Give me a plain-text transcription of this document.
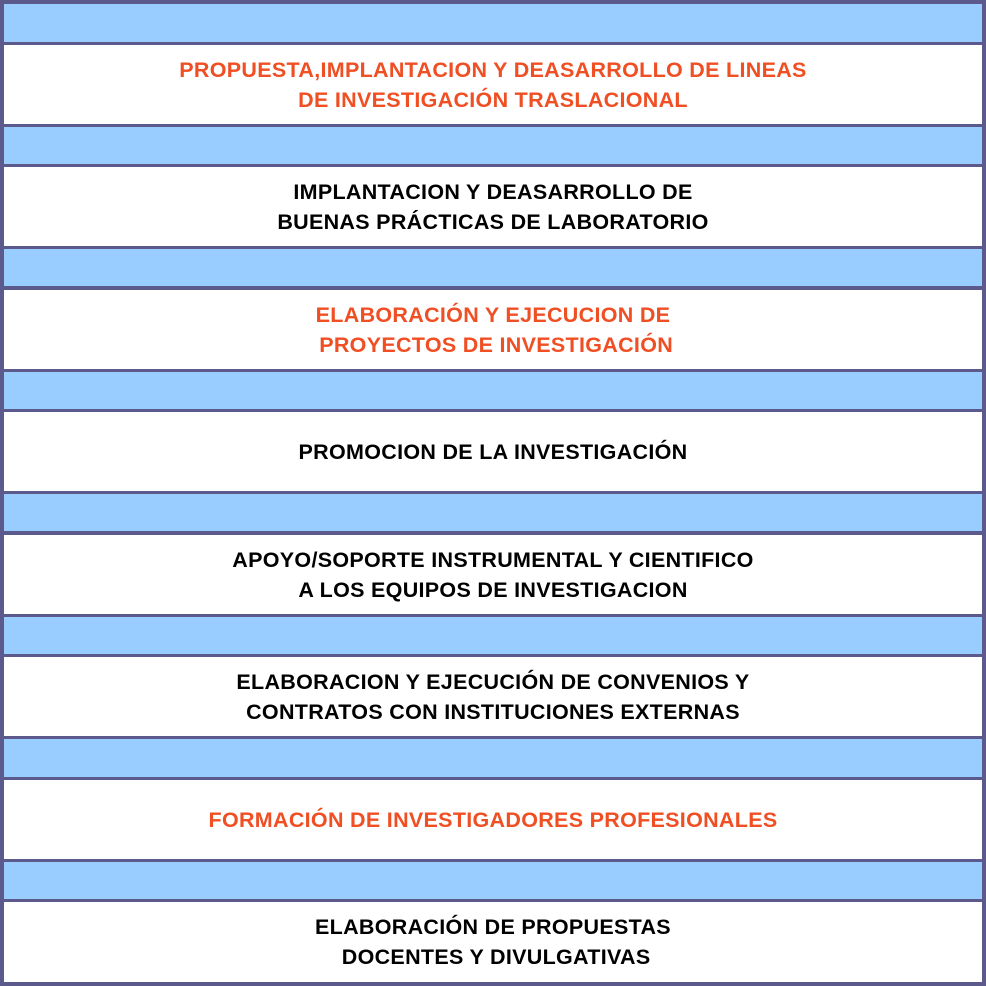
PROPUESTA,IMPLANTACION Y DEASARROLLO DE LINEAS
DE INVESTIGACIÓN TRASLACIONAL
IMPLANTACION Y DEASARROLLO DE
BUENAS PRÁCTICAS DE LABORATORIO
ELABORACIÓN Y EJECUCION DE
PROYECTOS DE INVESTIGACIÓN
PROMOCION DE LA INVESTIGACIÓN
APOYO/SOPORTE INSTRUMENTAL Y CIENTIFICO
A LOS EQUIPOS DE INVESTIGACION
ELABORACION Y EJECUCIÓN DE CONVENIOS Y
CONTRATOS CON INSTITUCIONES EXTERNAS
FORMACIÓN DE INVESTIGADORES PROFESIONALES
ELABORACIÓN DE PROPUESTAS
DOCENTES Y DIVULGATIVAS
